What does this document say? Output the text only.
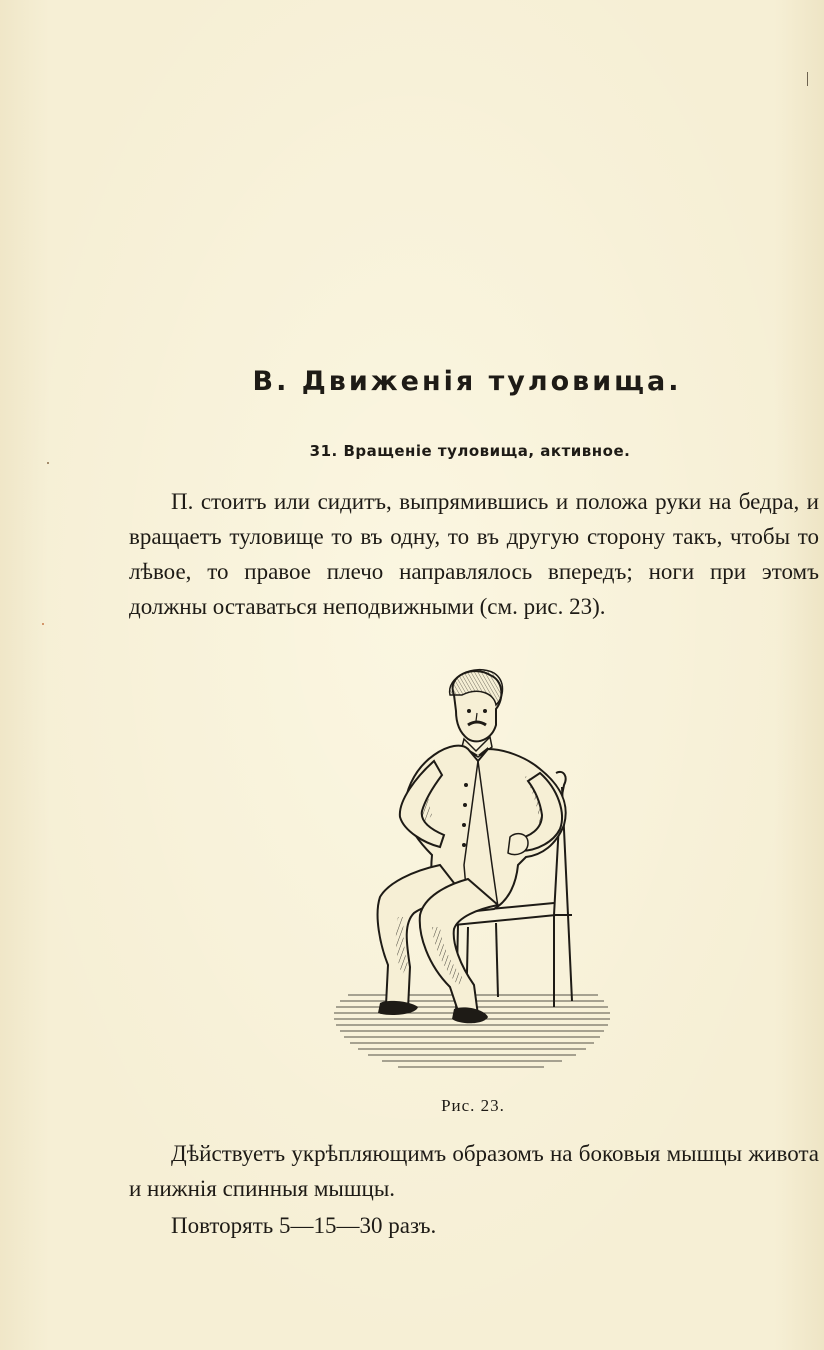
В. Движенія туловища.
31. Вращеніе туловища, активное.

П. стоитъ или сидитъ, выпрямившись и положа руки на бедра, и вращаетъ туловище то въ одну, то въ другую сторону такъ, чтобы то лѣвое, то правое плечо направлялось впередъ; ноги при этомъ должны оставаться неподвижными (см. рис. 23).

Рис. 23.

Дѣйствуетъ укрѣпляющимъ образомъ на боковыя мышцы живота и нижнія спинныя мышцы.

Повторять 5—15—30 разъ.
